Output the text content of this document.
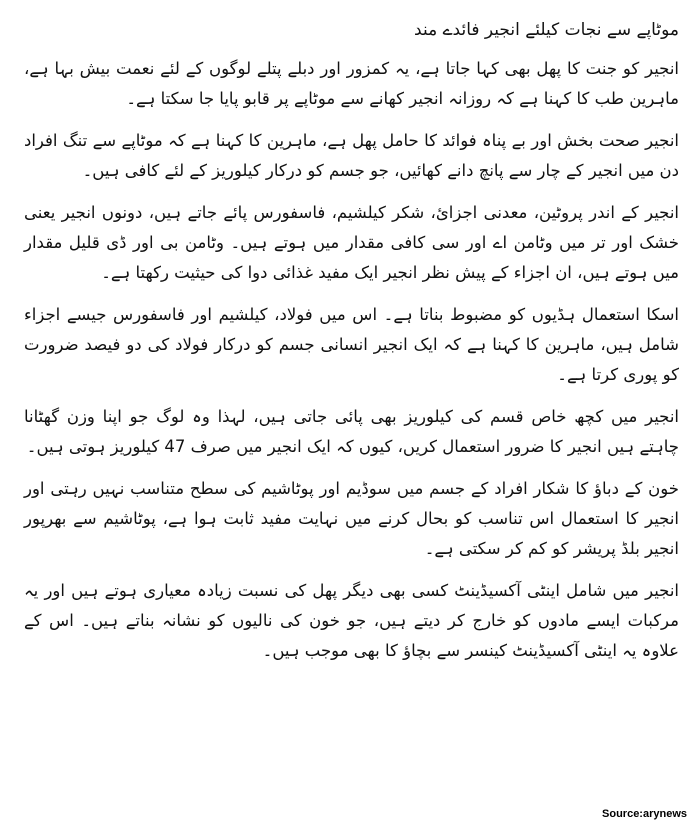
موٹاپے سے نجات کیلئے انجیر فائدے مند

انجیر کو جنت کا پھل بھی کہا جاتا ہے، یہ کمزور اور دبلے پتلے لوگوں کے لئے نعمت بیش بہا ہے، ماہرین طب کا کہنا ہے کہ روزانہ انجیر کھانے سے موٹاپے پر قابو پایا جا سکتا ہے۔

انجیر صحت بخش اور بے پناہ فوائد کا حامل پھل ہے، ماہرین کا کہنا ہے کہ موٹاپے سے تنگ افراد دن میں انجیر کے چار سے پانچ دانے کھائیں، جو جسم کو درکار کیلوریز کے لئے کافی ہیں۔

انجیر کے اندر پروٹین، معدنی اجزائ، شکر کیلشیم، فاسفورس پائے جاتے ہیں، دونوں انجیر یعنی خشک اور تر میں وٹامن اے اور سی کافی مقدار میں ہوتے ہیں۔ وٹامن بی اور ڈی قلیل مقدار میں ہوتے ہیں، ان اجزاء کے پیش نظر انجیر ایک مفید غذائی دوا کی حیثیت رکھتا ہے۔

اسکا استعمال ہڈیوں کو مضبوط بناتا ہے۔ اس میں فولاد، کیلشیم اور فاسفورس جیسے اجزاء شامل ہیں، ماہرین کا کہنا ہے کہ ایک انجیر انسانی جسم کو درکار فولاد کی دو فیصد ضرورت کو پوری کرتا ہے۔

انجیر میں کچھ خاص قسم کی کیلوریز بھی پائی جاتی ہیں، لہذا وہ لوگ جو اپنا وزن گھٹانا چاہتے ہیں انجیر کا ضرور استعمال کریں، کیوں کہ ایک انجیر میں صرف 47 کیلوریز ہوتی ہیں۔

خون کے دباؤ کا شکار افراد کے جسم میں سوڈیم اور پوٹاشیم کی سطح متناسب نہیں رہتی اور انجیر کا استعمال اس تناسب کو بحال کرنے میں نہایت مفید ثابت ہوا ہے، پوٹاشیم سے بھرپور انجیر بلڈ پریشر کو کم کر سکتی ہے۔

انجیر میں شامل اینٹی آکسیڈینٹ کسی بھی دیگر پھل کی نسبت زیادہ معیاری ہوتے ہیں اور یہ مرکبات ایسے مادوں کو خارج کر دیتے ہیں، جو خون کی نالیوں کو نشانہ بناتے ہیں۔ اس کے علاوہ یہ اینٹی آکسیڈینٹ کینسر سے بچاؤ کا بھی موجب ہیں۔

Source:arynews
